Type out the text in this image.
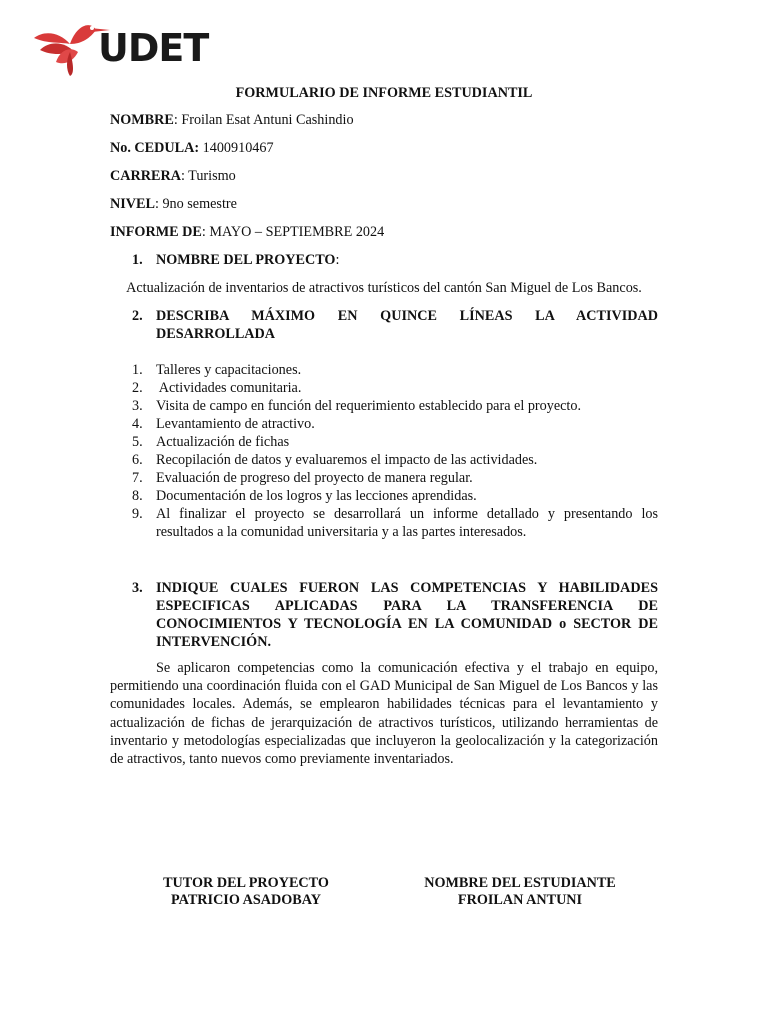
UDET
FORMULARIO DE INFORME ESTUDIANTIL
NOMBRE: Froilan Esat Antuni Cashindio
No. CEDULA: 1400910467
CARRERA: Turismo
NIVEL: 9no semestre
INFORME DE: MAYO – SEPTIEMBRE 2024
1. NOMBRE DEL PROYECTO:
Actualización de inventarios de atractivos turísticos del cantón San Miguel de Los Bancos.
2. DESCRIBA MÁXIMO EN QUINCE LÍNEAS LA ACTIVIDAD DESARROLLADA
1. Talleres y capacitaciones.
2. Actividades comunitaria.
3. Visita de campo en función del requerimiento establecido para el proyecto.
4. Levantamiento de atractivo.
5. Actualización de fichas
6. Recopilación de datos y evaluaremos el impacto de las actividades.
7. Evaluación de progreso del proyecto de manera regular.
8. Documentación de los logros y las lecciones aprendidas.
9. Al finalizar el proyecto se desarrollará un informe detallado y presentando los resultados a la comunidad universitaria y a las partes interesados.
3. INDIQUE CUALES FUERON LAS COMPETENCIAS Y HABILIDADES ESPECIFICAS APLICADAS PARA LA TRANSFERENCIA DE CONOCIMIENTOS Y TECNOLOGÍA EN LA COMUNIDAD o SECTOR DE INTERVENCIÓN.

Se aplicaron competencias como la comunicación efectiva y el trabajo en equipo, permitiendo una coordinación fluida con el GAD Municipal de San Miguel de Los Bancos y las comunidades locales. Además, se emplearon habilidades técnicas para el levantamiento y actualización de fichas de jerarquización de atractivos turísticos, utilizando herramientas de inventario y metodologías especializadas que incluyeron la geolocalización y la categorización de atractivos, tanto nuevos como previamente inventariados.

TUTOR DEL PROYECTO
PATRICIO ASADOBAY
NOMBRE DEL ESTUDIANTE
FROILAN ANTUNI
